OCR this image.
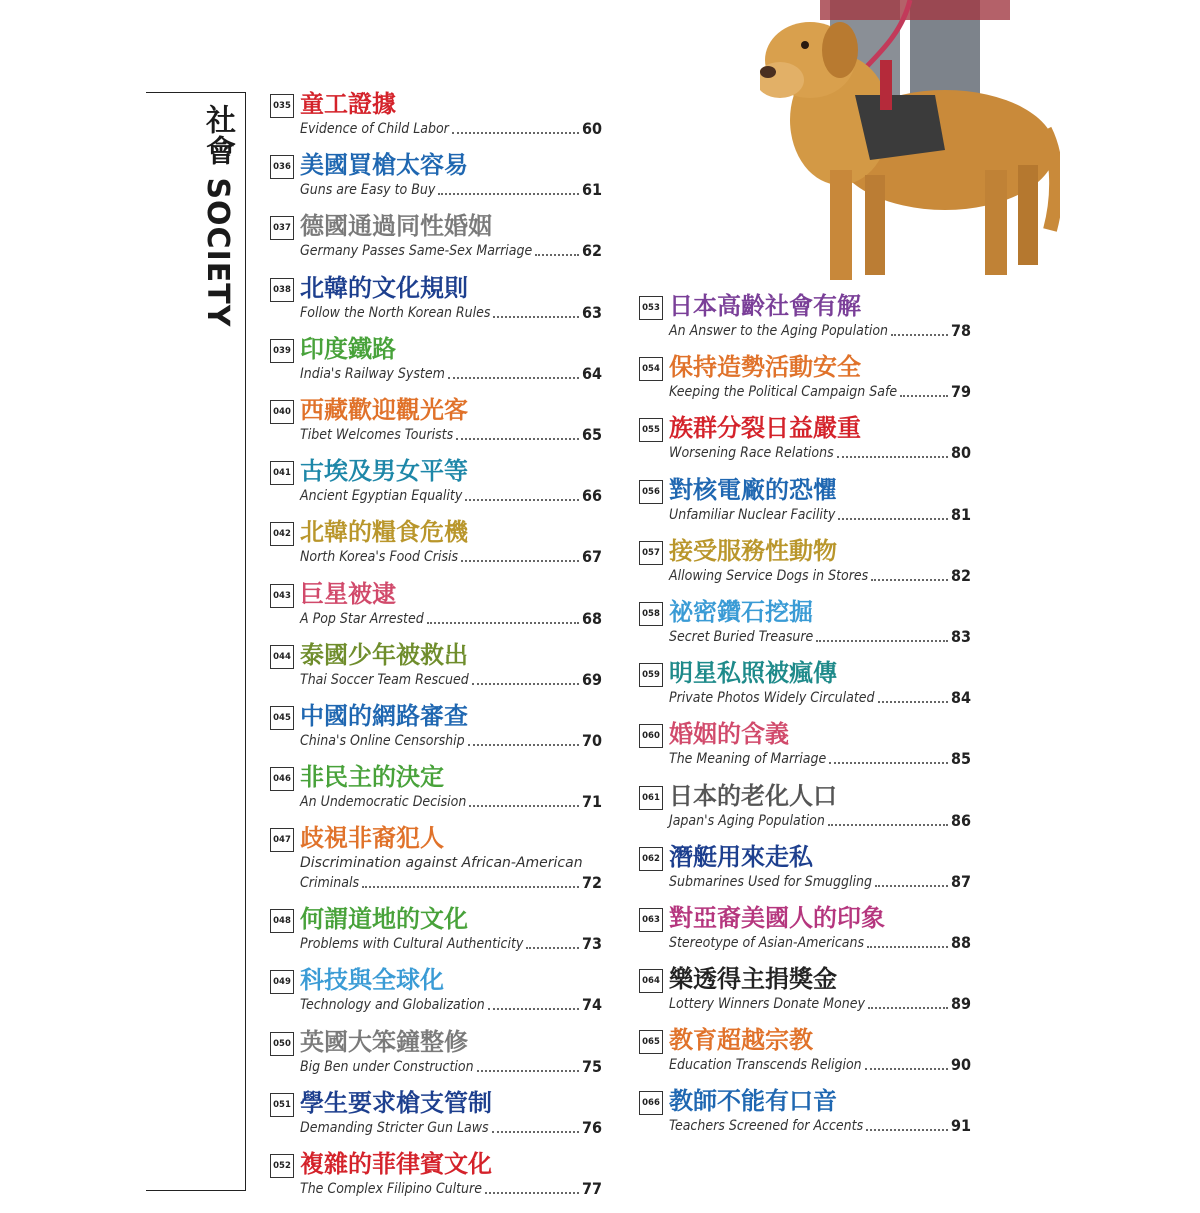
社會 SOCIETY	035 童工證據
Evidence of Child Labor	60
036 美國買槍太容易
Guns are Easy to Buy	61
037 德國通過同性婚姻
Germany Passes Same-Sex Marriage	62
038 北韓的文化規則
Follow the North Korean Rules	63
039 印度鐵路
India's Railway System	64
040 西藏歡迎觀光客
Tibet Welcomes Tourists	65
041 古埃及男女平等
Ancient Egyptian Equality	66
042 北韓的糧食危機
North Korea's Food Crisis	67
043 巨星被逮
A Pop Star Arrested	68
044 泰國少年被救出
Thai Soccer Team Rescued	69
045 中國的網路審查
China's Online Censorship	70
046 非民主的決定
An Undemocratic Decision	71
047 歧視非裔犯人
Discrimination against African-American
Criminals	72
048 何謂道地的文化
Problems with Cultural Authenticity	73
049 科技與全球化
Technology and Globalization	74
050 英國大笨鐘整修
Big Ben under Construction	75
051 學生要求槍支管制
Demanding Stricter Gun Laws	76
052 複雜的菲律賓文化
The Complex Filipino Culture	77
053 日本高齡社會有解
An Answer to the Aging Population	78
054 保持造勢活動安全
Keeping the Political Campaign Safe	79
055 族群分裂日益嚴重
Worsening Race Relations	80
056 對核電廠的恐懼
Unfamiliar Nuclear Facility	81
057 接受服務性動物
Allowing Service Dogs in Stores	82
058 祕密鑽石挖掘
Secret Buried Treasure	83
059 明星私照被瘋傳
Private Photos Widely Circulated	84
060 婚姻的含義
The Meaning of Marriage	85
061 日本的老化人口
Japan's Aging Population	86
062 潛艇用來走私
Submarines Used for Smuggling	87
063 對亞裔美國人的印象
Stereotype of Asian-Americans	88
064 樂透得主捐獎金
Lottery Winners Donate Money	89
065 教育超越宗教
Education Transcends Religion	90
066 教師不能有口音
Teachers Screened for Accents	91
